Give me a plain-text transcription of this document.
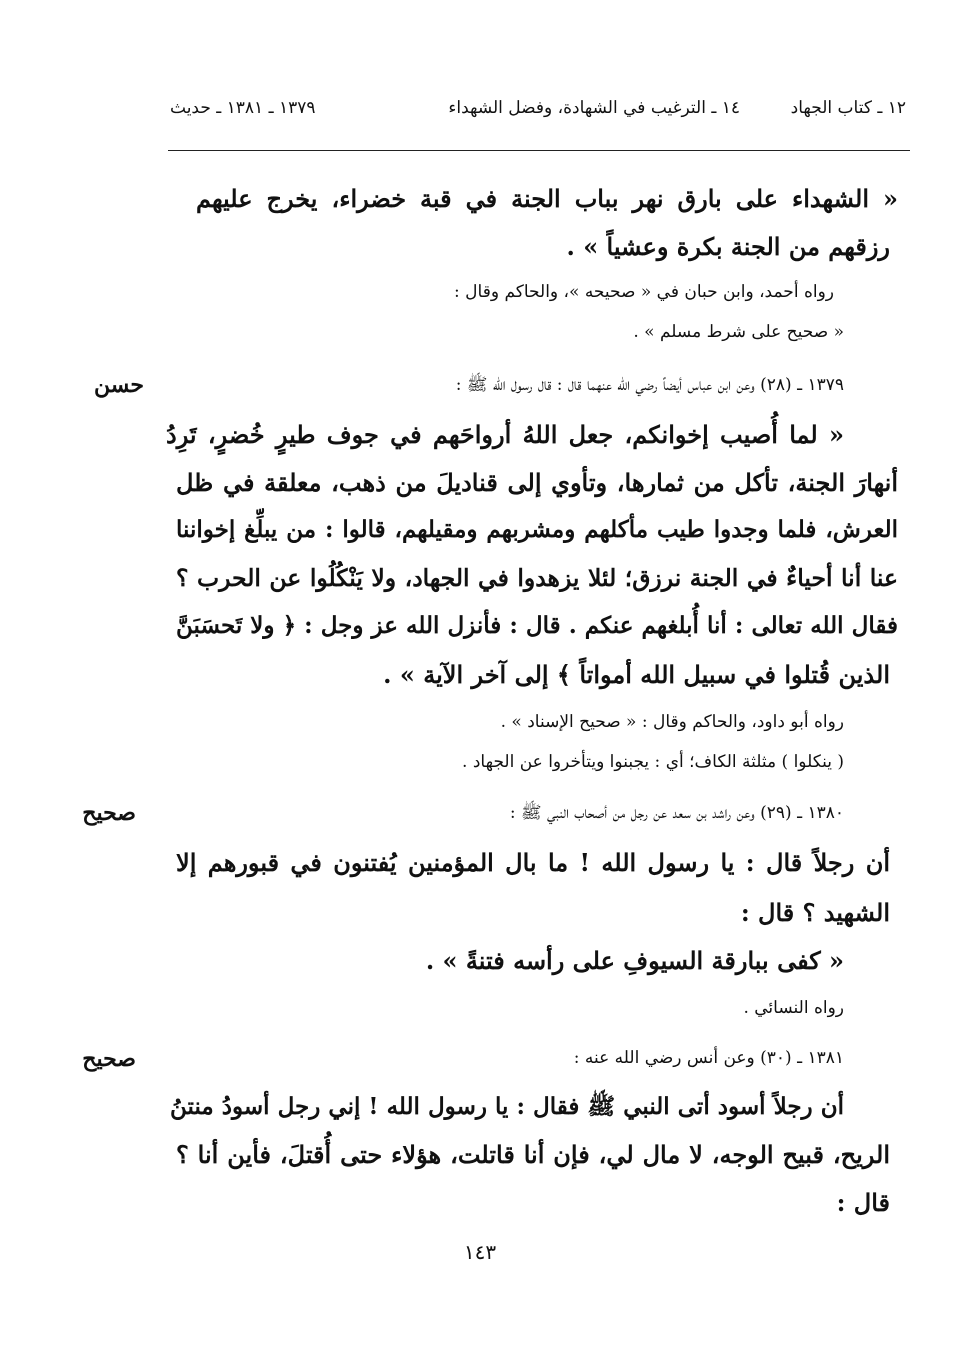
١٢ ـ كتاب الجهاد
١٤ ـ الترغيب في الشهادة، وفضل الشهداء
١٣٧٩ ـ ١٣٨١ ـ حديث
« الشهداء على بارق نهر بباب الجنة في قبة خضراء، يخرج عليهم
رزقهم من الجنة بكرة وعشياً » .
رواه أحمد، وابن حبان في « صحيحه »، والحاكم وقال :
« صحيح على شرط مسلم » .
حسن	١٣٧٩ ـ (٢٨) وعن ابن عباس أيضاً رضي الله عنهما قال : قال رسول الله ﷺ :
« لما أُصيب إخوانكم، جعل اللهُ أرواحَهم في جوف طيرٍ خُضرٍ، تَرِدُ
أنهارَ الجنة، تأكل من ثمارها، وتأوي إلى قناديلَ من ذهب، معلقة في ظل
العرش، فلما وجدوا طيب مأكلهم ومشربهم ومقيلهم، قالوا : من يبلِّغ إخواننا
عنا أنا أحياءٌ في الجنة نرزق؛ لئلا يزهدوا في الجهاد، ولا يَنْكُلُوا عن الحرب ؟
فقال الله تعالى : أنا أُبلغهم عنكم . قال : فأنزل الله عز وجل : ﴿ ولا تَحسَبَنَّ
الذين قُتلوا في سبيل الله أمواتاً ﴾ إلى آخر الآية » .
رواه أبو داود، والحاكم وقال : « صحيح الإسناد » .
( ينكلوا ) مثلثة الكاف؛ أي : يجبنوا ويتأخروا عن الجهاد .
صحيح	١٣٨٠ ـ (٢٩) وعن راشد بن سعد عن رجل من أصحاب النبي ﷺ :
أن رجلاً قال : يا رسول الله ! ما بال المؤمنين يُفتنون في قبورهم إلا
الشهيد ؟ قال :
« كفى ببارقة السيوفِ على رأسه فتنةً » .
رواه النسائي .
صحيح	١٣٨١ ـ (٣٠) وعن أنس رضي الله عنه :
أن رجلاً أسود أتى النبي ﷺ فقال : يا رسول الله ! إني رجل أسودُ منتنُ
الريح، قبيح الوجه، لا مال لي، فإن أنا قاتلت، هؤلاء حتى أُقتلَ، فأين أنا ؟
قال :
١٤٣
